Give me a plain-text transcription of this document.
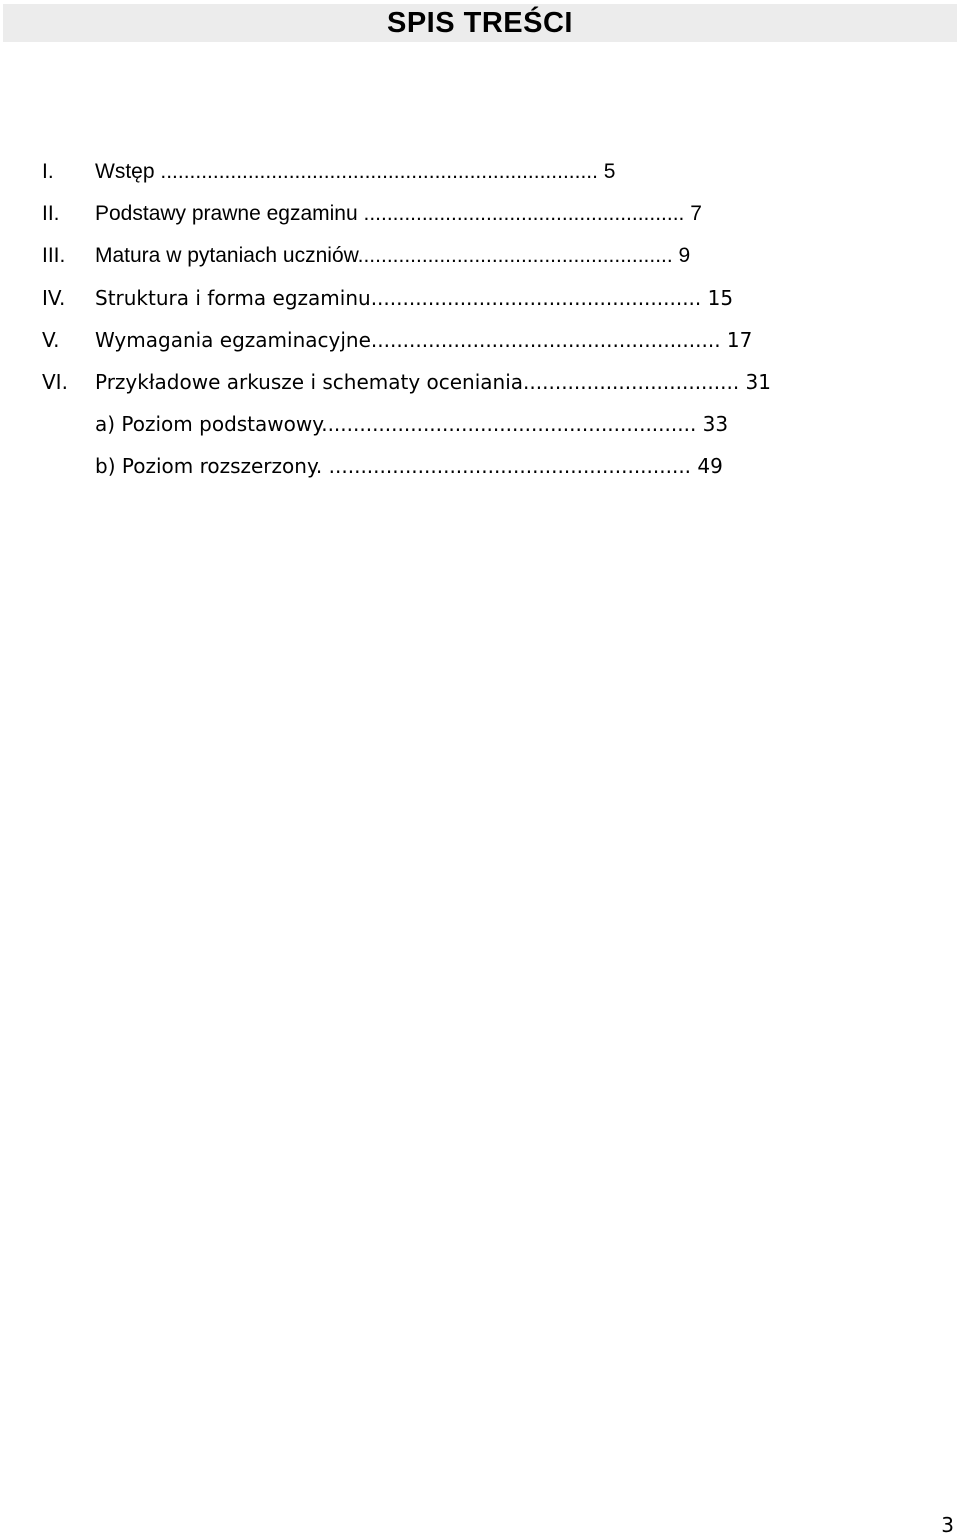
SPIS TREŚCI
I. Wstęp ........................................................................... 5
II. Podstawy prawne egzaminu ....................................................... 7
III. Matura w pytaniach uczniów...................................................... 9
IV. Struktura i forma egzaminu.................................................... 15
V. Wymagania egzaminacyjne....................................................... 17
VI. Przykładowe arkusze i schematy oceniania.................................. 31
a) Poziom podstawowy........................................................... 33
b) Poziom rozszerzony. ......................................................... 49
3
